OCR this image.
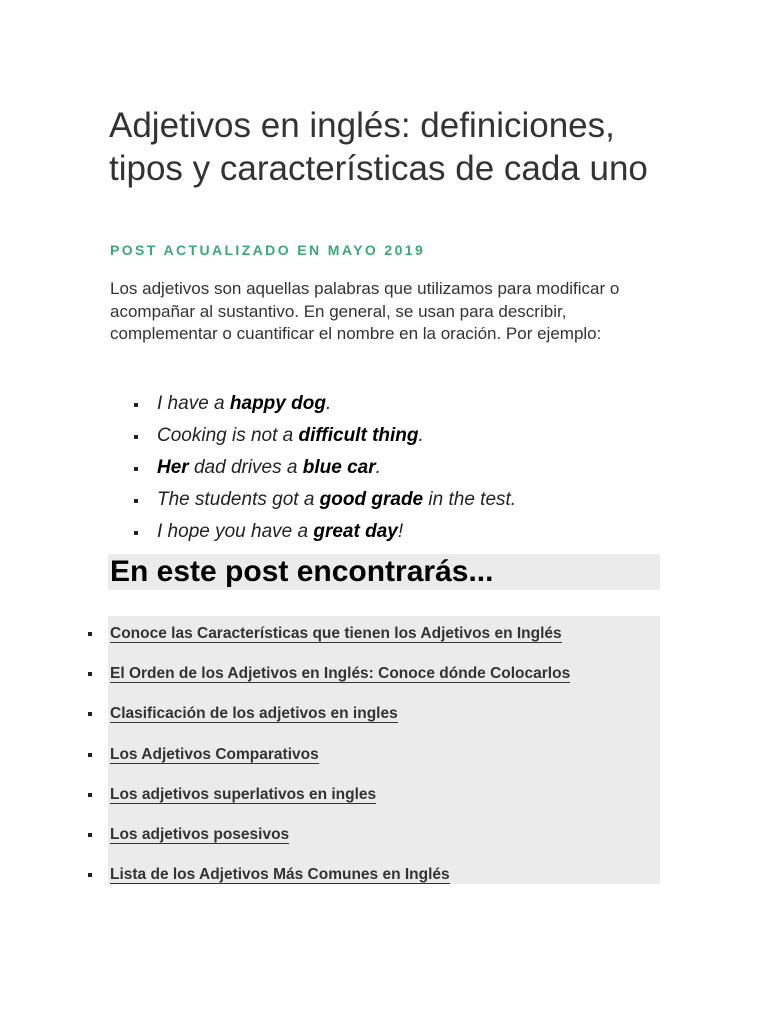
Adjetivos en inglés: definiciones, tipos y características de cada uno
POST ACTUALIZADO EN MAYO 2019

Los adjetivos son aquellas palabras que utilizamos para modificar o acompañar al sustantivo. En general, se usan para describir, complementar o cuantificar el nombre en la oración. Por ejemplo:

I have a happy dog.
Cooking is not a difficult thing.
Her dad drives a blue car.
The students got a good grade in the test.
I hope you have a great day!
En este post encontrarás...
Conoce las Características que tienen los Adjetivos en Inglés
El Orden de los Adjetivos en Inglés: Conoce dónde Colocarlos
Clasificación de los adjetivos en ingles
Los Adjetivos Comparativos
Los adjetivos superlativos en ingles
Los adjetivos posesivos
Lista de los Adjetivos Más Comunes en Inglés
